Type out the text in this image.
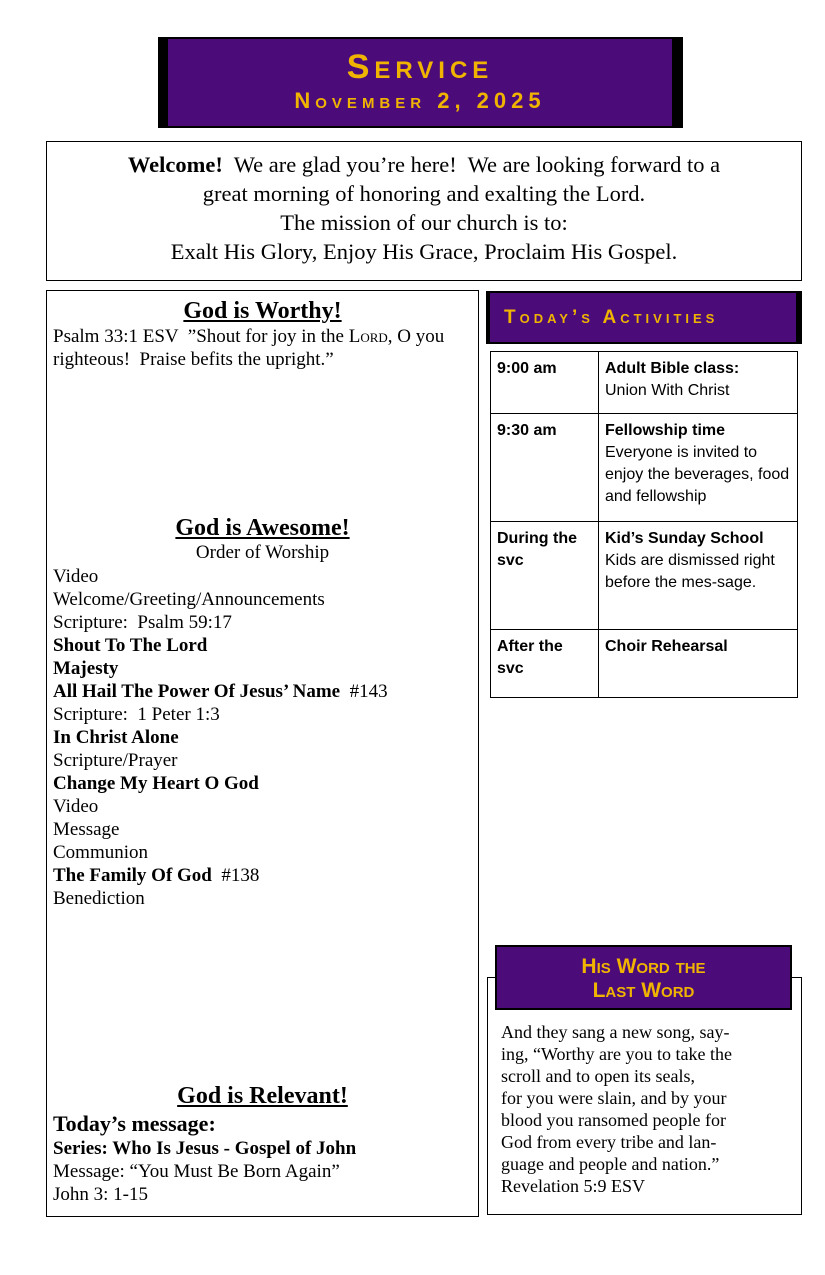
Service
November 2, 2025
Welcome!  We are glad you’re here!  We are looking forward to a
great morning of honoring and exalting the Lord.
The mission of our church is to:
Exalt His Glory, Enjoy His Grace, Proclaim His Gospel.
God is Worthy!
Psalm 33:1 ESV  ”Shout for joy in the Lord, O you righteous!  Praise befits the upright.”
God is Awesome!
Order of Worship
Video
Welcome/Greeting/Announcements
Scripture:  Psalm 59:17
Shout To The Lord
Majesty
All Hail The Power Of Jesus’ Name  #143
Scripture:  1 Peter 1:3
In Christ Alone
Scripture/Prayer
Change My Heart O God
Video
Message
Communion
The Family Of God  #138
Benediction
God is Relevant!
Today’s message:
Series: Who Is Jesus - Gospel of John
Message: “You Must Be Born Again”
John 3: 1-15
Today’s Activities
9:00 am	Adult Bible class:
Union With Christ
9:30 am	Fellowship time
Everyone is invited to enjoy the beverages, food and fellowship
During the svc	Kid’s Sunday School
Kids are dismissed right before the mes-sage.
After the svc	Choir Rehearsal
His Word the
Last Word
And they sang a new song, say-
ing, “Worthy are you to take the
scroll and to open its seals,
for you were slain, and by your
blood you ransomed people for
God from every tribe and lan-
guage and people and nation.”
Revelation 5:9 ESV
